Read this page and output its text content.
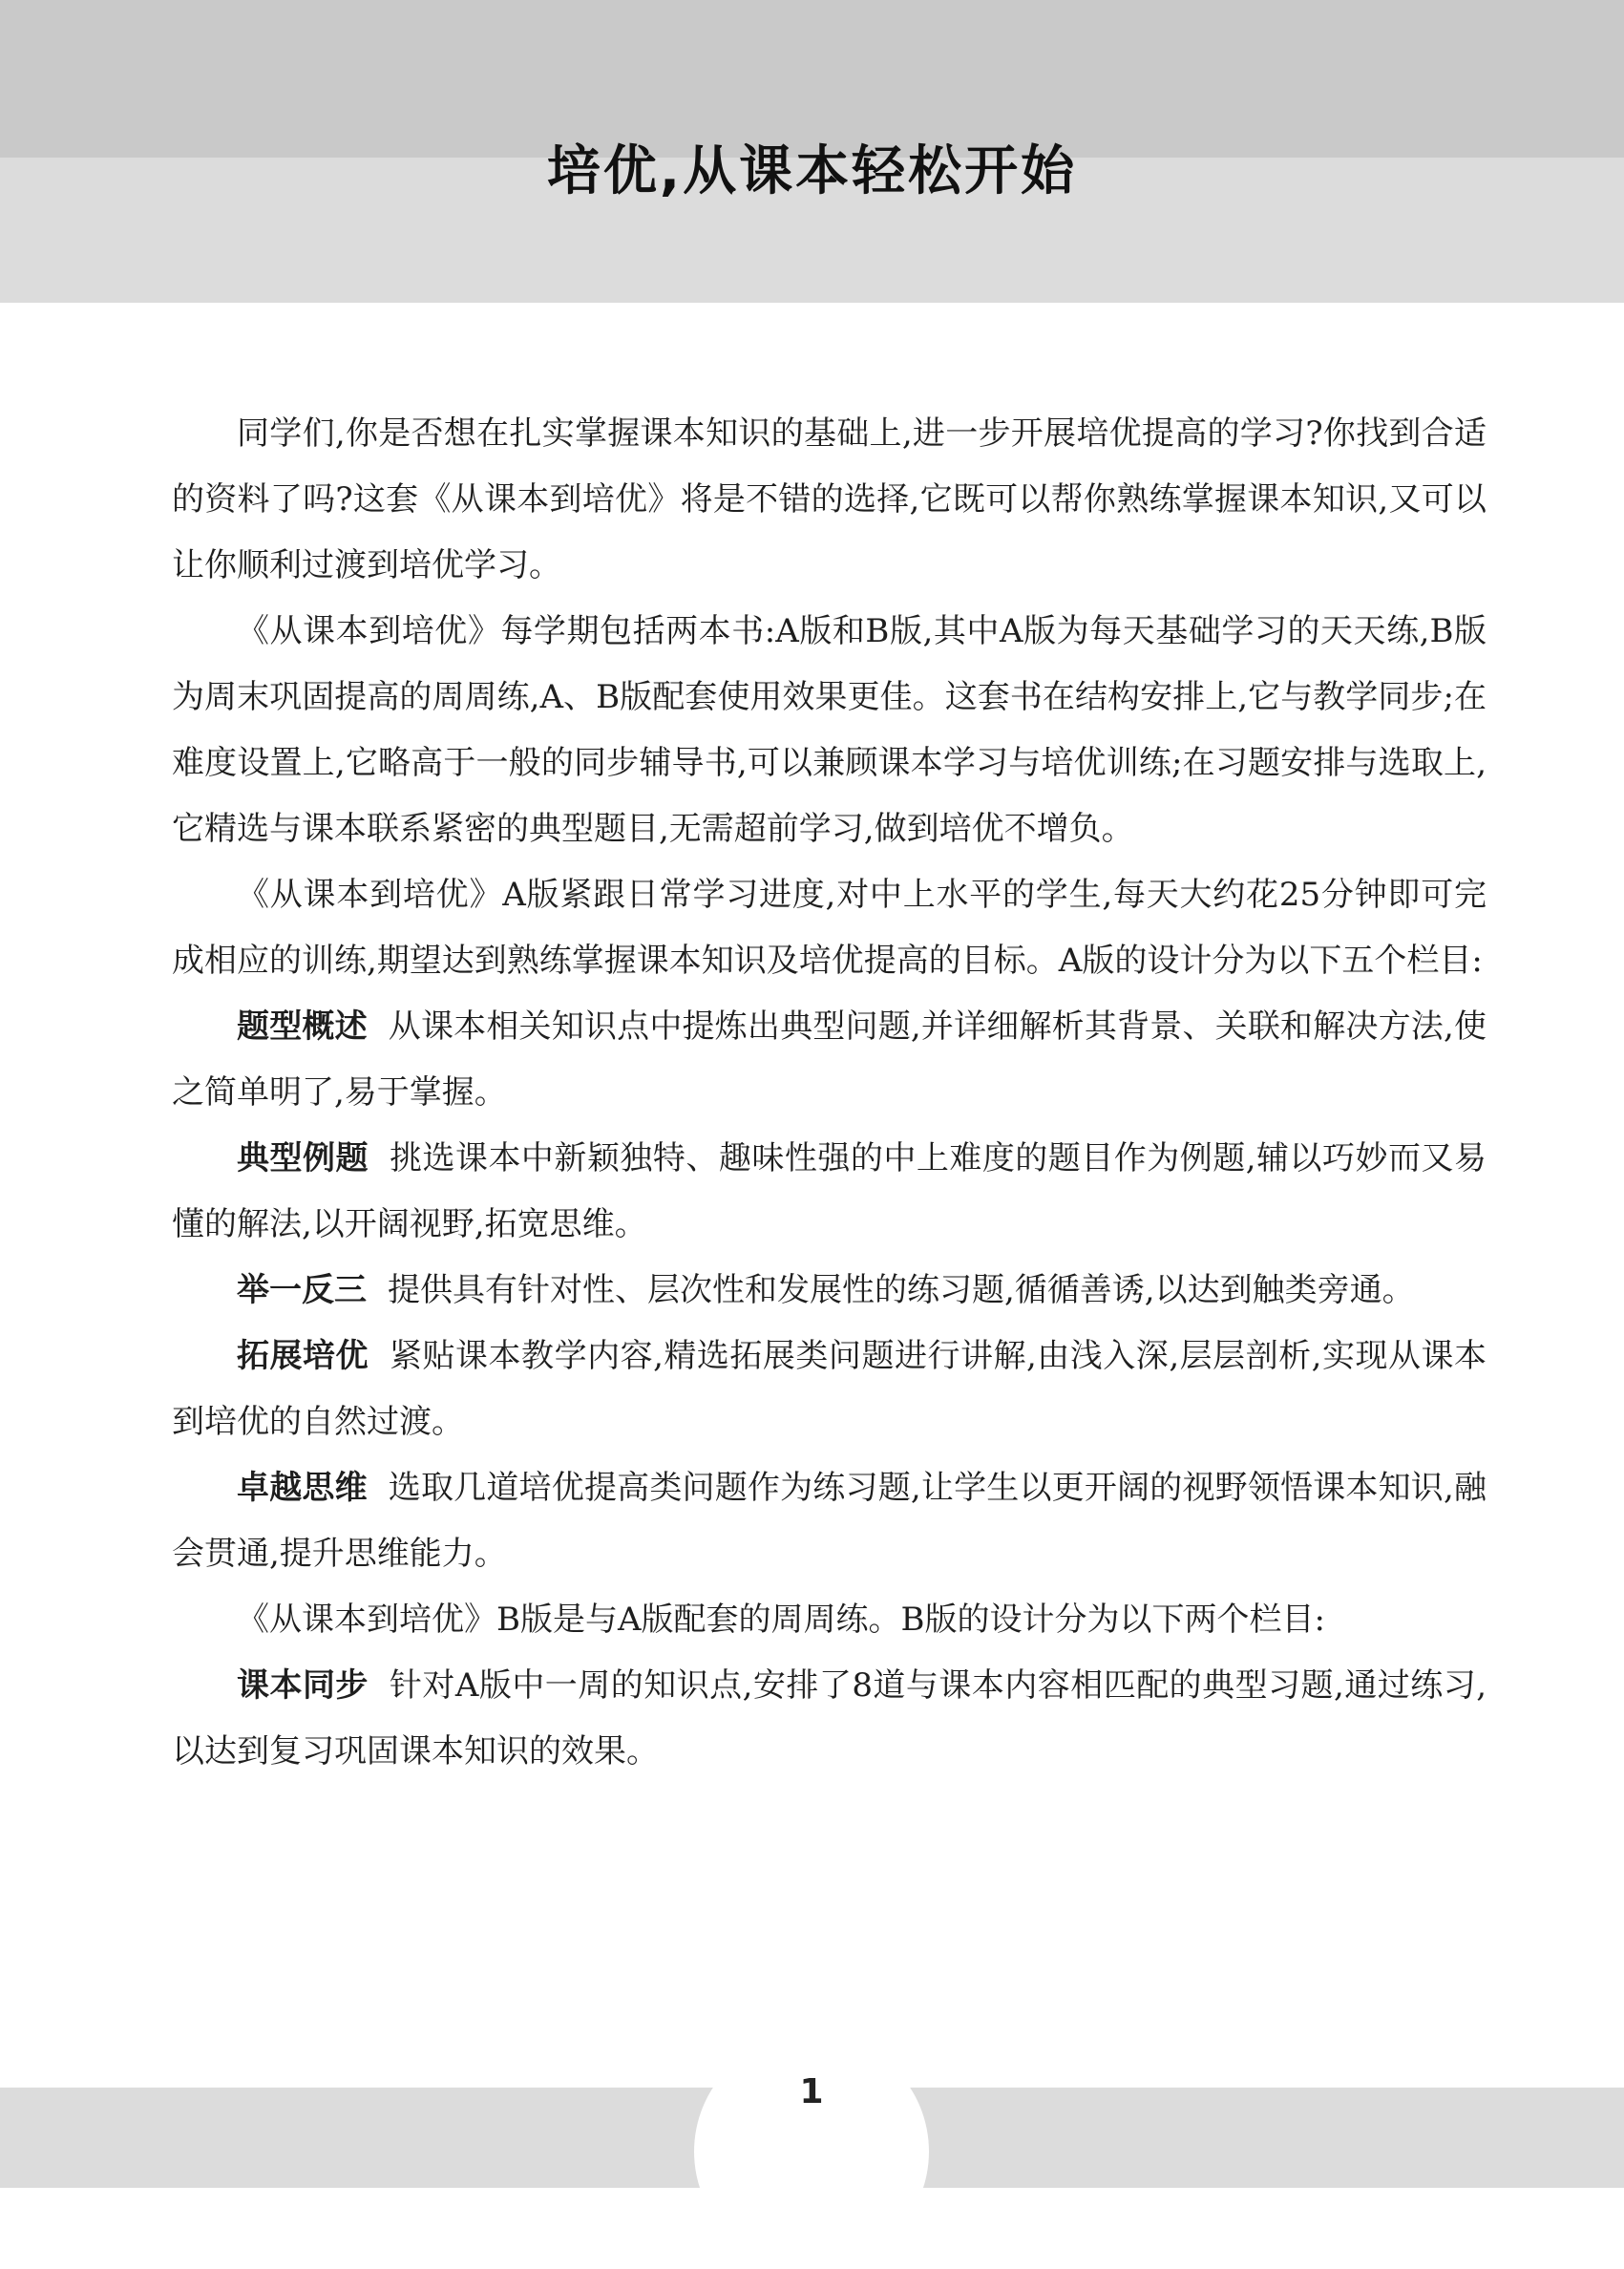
培优,从课本轻松开始

同学们,你是否想在扎实掌握课本知识的基础上,进一步开展培优提高的学习?你找到合适的资料了吗?这套《从课本到培优》将是不错的选择,它既可以帮你熟练掌握课本知识,又可以让你顺利过渡到培优学习。

《从课本到培优》每学期包括两本书:A版和B版,其中A版为每天基础学习的天天练,B版为周末巩固提高的周周练,A、B版配套使用效果更佳。这套书在结构安排上,它与教学同步;在难度设置上,它略高于一般的同步辅导书,可以兼顾课本学习与培优训练;在习题安排与选取上,它精选与课本联系紧密的典型题目,无需超前学习,做到培优不增负。

《从课本到培优》A版紧跟日常学习进度,对中上水平的学生,每天大约花25分钟即可完成相应的训练,期望达到熟练掌握课本知识及培优提高的目标。A版的设计分为以下五个栏目:

题型概述 从课本相关知识点中提炼出典型问题,并详细解析其背景、关联和解决方法,使之简单明了,易于掌握。

典型例题 挑选课本中新颖独特、趣味性强的中上难度的题目作为例题,辅以巧妙而又易懂的解法,以开阔视野,拓宽思维。

举一反三 提供具有针对性、层次性和发展性的练习题,循循善诱,以达到触类旁通。

拓展培优 紧贴课本教学内容,精选拓展类问题进行讲解,由浅入深,层层剖析,实现从课本到培优的自然过渡。

卓越思维 选取几道培优提高类问题作为练习题,让学生以更开阔的视野领悟课本知识,融会贯通,提升思维能力。

《从课本到培优》B版是与A版配套的周周练。B版的设计分为以下两个栏目:

课本同步 针对A版中一周的知识点,安排了8道与课本内容相匹配的典型习题,通过练习,以达到复习巩固课本知识的效果。

1
